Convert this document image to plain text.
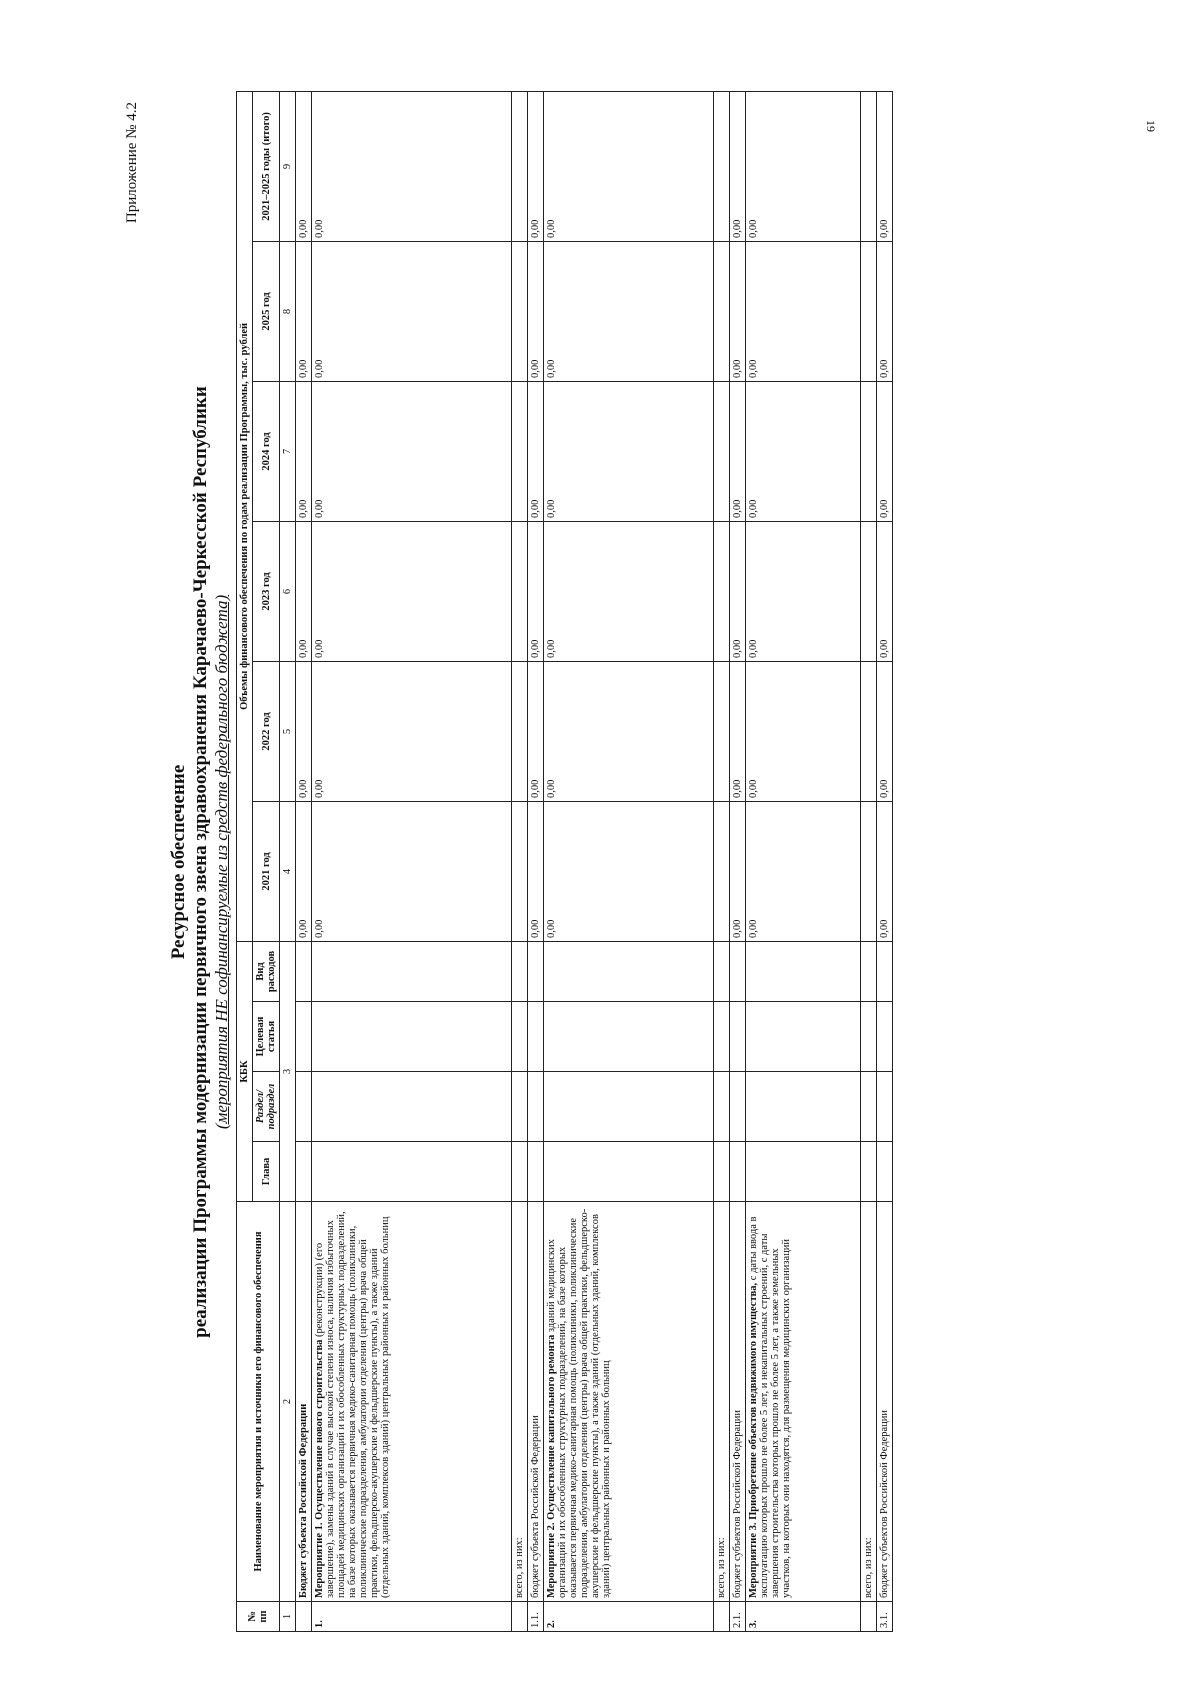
19
Приложение № 4.2
Ресурсное обеспечение реализации Программы модернизации первичного звена здравоохранения Карачаево-Черкесской Республики (мероприятия НЕ софинансируемые из средств федерального бюджета)
№ пп	Наименование мероприятия и источники его финансового обеспечения	КБК				Объемы финансового обеспечения по годам реализации Программы, тыс. рублей					
		Глава	Раздел/ подраздел	Целевая статья	Вид расходов	2021 год	2022 год	2023 год	2024 год	2025 год	2021–2025 годы (итого)

1	2	3				4	5	6	7	8	9
	Бюджет субъекта Российской Федерации					0,00	0,00	0,00	0,00	0,00	0,00
1.	Мероприятие 1. Осуществление нового строительства (реконструкции) (его завершение), замены зданий в случае высокой степени износа, наличия избыточных площадей медицинских организаций и их обособленных структурных подразделений, на базе которых оказывается первичная медико-санитарная помощь (поликлиники, поликлинические подразделения, амбулатории отделения (центры) врача общей практики, фельдшерско-акушерские и фельдшерские пункты), а также зданий (отдельных зданий, комплексов зданий) центральных районных и районных больниц					0,00	0,00	0,00	0,00	0,00	0,00
	всего, из них:										
1.1.	бюджет субъекта Российской Федерации					0,00	0,00	0,00	0,00	0,00	0,00
2.	Мероприятие 2. Осуществление капитального ремонта зданий медицинских организаций и их обособленных структурных подразделений, на базе которых оказывается первичная медико-санитарная помощь (поликлиники, поликлинические подразделения, амбулатории отделения (центры) врача общей практики, фельдшерско-акушерские и фельдшерские пункты), а также зданий (отдельных зданий, комплексов зданий) центральных районных и районных больниц					0,00	0,00	0,00	0,00	0,00	0,00
	всего, из них:										
2.1.	бюджет субъектов Российской Федерации					0,00	0,00	0,00	0,00	0,00	0,00
3.	Мероприятие 3. Приобретение объектов недвижимого имущества, с даты ввода в эксплуатацию которых прошло не более 5 лет, и некапитальных строений, с даты завершения строительства которых прошло не более 5 лет, а также земельных участков, на которых они находятся, для размещения медицинских организаций					0,00	0,00	0,00	0,00	0,00	0,00
	всего, из них:										
3.1.	бюджет субъектов Российской Федерации					0,00	0,00	0,00	0,00	0,00	0,00
